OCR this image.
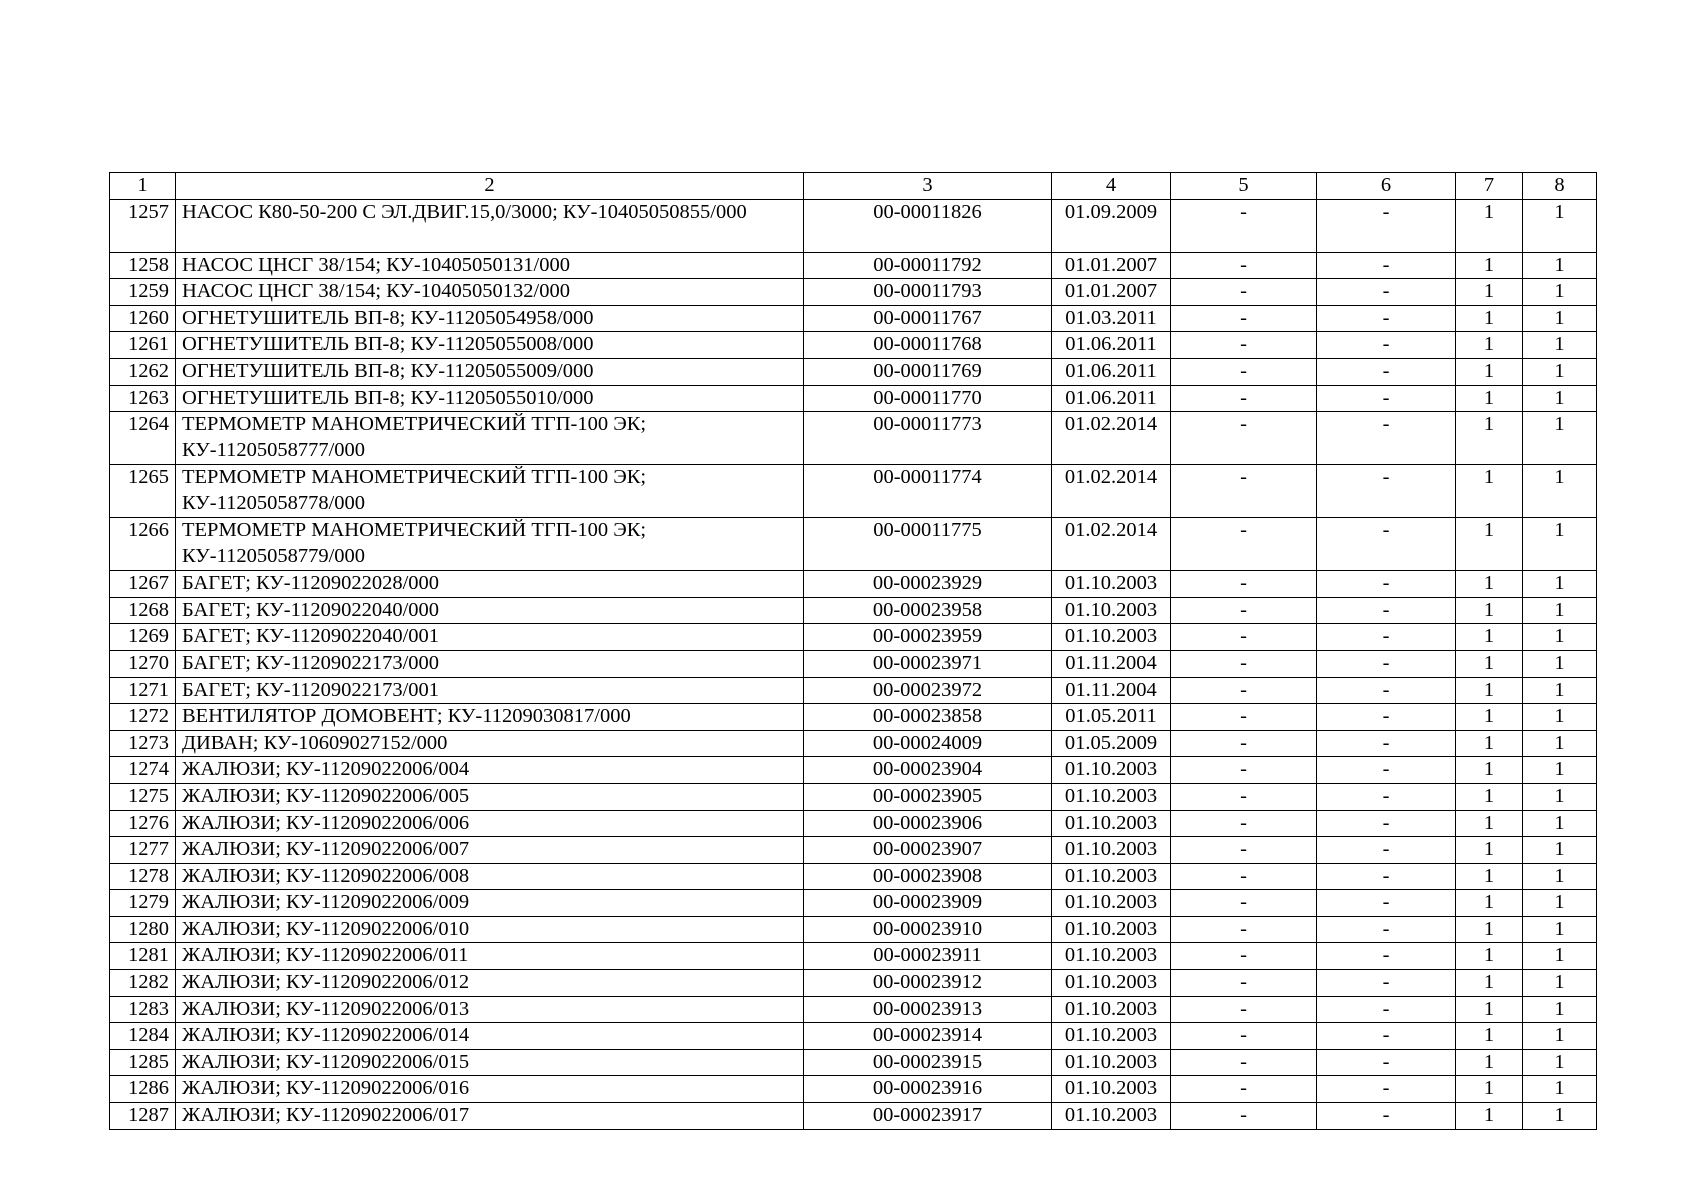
1	2	3	4	5	6	7	8
1257	НАСОС К80-50-200 С ЭЛ.ДВИГ.15,0/3000; КУ-10405050855/000	00-00011826	01.09.2009	-	-	1	1
1258	НАСОС ЦНСГ 38/154; КУ-10405050131/000	00-00011792	01.01.2007	-	-	1	1
1259	НАСОС ЦНСГ 38/154; КУ-10405050132/000	00-00011793	01.01.2007	-	-	1	1
1260	ОГНЕТУШИТЕЛЬ ВП-8; КУ-11205054958/000	00-00011767	01.03.2011	-	-	1	1
1261	ОГНЕТУШИТЕЛЬ ВП-8; КУ-11205055008/000	00-00011768	01.06.2011	-	-	1	1
1262	ОГНЕТУШИТЕЛЬ ВП-8; КУ-11205055009/000	00-00011769	01.06.2011	-	-	1	1
1263	ОГНЕТУШИТЕЛЬ ВП-8; КУ-11205055010/000	00-00011770	01.06.2011	-	-	1	1
1264	ТЕРМОМЕТР МАНОМЕТРИЧЕСКИЙ ТГП-100 ЭК; КУ-11205058777/000	00-00011773	01.02.2014	-	-	1	1
1265	ТЕРМОМЕТР МАНОМЕТРИЧЕСКИЙ ТГП-100 ЭК; КУ-11205058778/000	00-00011774	01.02.2014	-	-	1	1
1266	ТЕРМОМЕТР МАНОМЕТРИЧЕСКИЙ ТГП-100 ЭК; КУ-11205058779/000	00-00011775	01.02.2014	-	-	1	1
1267	БАГЕТ; КУ-11209022028/000	00-00023929	01.10.2003	-	-	1	1
1268	БАГЕТ; КУ-11209022040/000	00-00023958	01.10.2003	-	-	1	1
1269	БАГЕТ; КУ-11209022040/001	00-00023959	01.10.2003	-	-	1	1
1270	БАГЕТ; КУ-11209022173/000	00-00023971	01.11.2004	-	-	1	1
1271	БАГЕТ; КУ-11209022173/001	00-00023972	01.11.2004	-	-	1	1
1272	ВЕНТИЛЯТОР ДОМОВЕНТ; КУ-11209030817/000	00-00023858	01.05.2011	-	-	1	1
1273	ДИВАН; КУ-10609027152/000	00-00024009	01.05.2009	-	-	1	1
1274	ЖАЛЮЗИ; КУ-11209022006/004	00-00023904	01.10.2003	-	-	1	1
1275	ЖАЛЮЗИ; КУ-11209022006/005	00-00023905	01.10.2003	-	-	1	1
1276	ЖАЛЮЗИ; КУ-11209022006/006	00-00023906	01.10.2003	-	-	1	1
1277	ЖАЛЮЗИ; КУ-11209022006/007	00-00023907	01.10.2003	-	-	1	1
1278	ЖАЛЮЗИ; КУ-11209022006/008	00-00023908	01.10.2003	-	-	1	1
1279	ЖАЛЮЗИ; КУ-11209022006/009	00-00023909	01.10.2003	-	-	1	1
1280	ЖАЛЮЗИ; КУ-11209022006/010	00-00023910	01.10.2003	-	-	1	1
1281	ЖАЛЮЗИ; КУ-11209022006/011	00-00023911	01.10.2003	-	-	1	1
1282	ЖАЛЮЗИ; КУ-11209022006/012	00-00023912	01.10.2003	-	-	1	1
1283	ЖАЛЮЗИ; КУ-11209022006/013	00-00023913	01.10.2003	-	-	1	1
1284	ЖАЛЮЗИ; КУ-11209022006/014	00-00023914	01.10.2003	-	-	1	1
1285	ЖАЛЮЗИ; КУ-11209022006/015	00-00023915	01.10.2003	-	-	1	1
1286	ЖАЛЮЗИ; КУ-11209022006/016	00-00023916	01.10.2003	-	-	1	1
1287	ЖАЛЮЗИ; КУ-11209022006/017	00-00023917	01.10.2003	-	-	1	1
